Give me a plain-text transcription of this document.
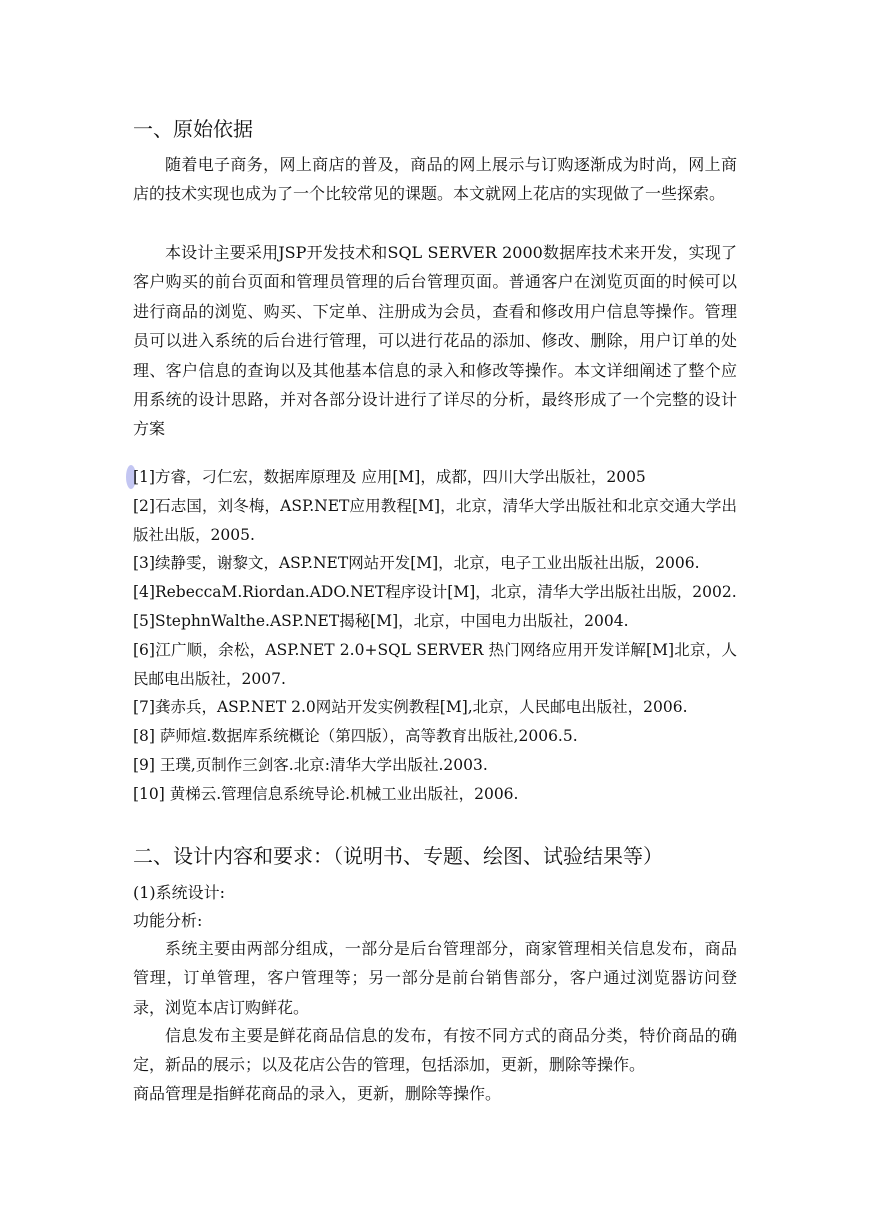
一、原始依据

随着电子商务，网上商店的普及，商品的网上展示与订购逐渐成为时尚，网上商店的技术实现也成为了一个比较常见的课题。本文就网上花店的实现做了一些探索。

本设计主要采用JSP开发技术和SQL SERVER 2000数据库技术来开发，实现了客户购买的前台页面和管理员管理的后台管理页面。普通客户在浏览页面的时候可以进行商品的浏览、购买、下定单、注册成为会员，查看和修改用户信息等操作。管理员可以进入系统的后台进行管理，可以进行花品的添加、修改、删除，用户订单的处理、客户信息的查询以及其他基本信息的录入和修改等操作。本文详细阐述了整个应用系统的设计思路，并对各部分设计进行了详尽的分析，最终形成了一个完整的设计方案

[1]方睿，刁仁宏，数据库原理及 应用[M]，成都，四川大学出版社，2005
[2]石志国，刘冬梅，ASP.NET应用教程[M]，北京，清华大学出版社和北京交通大学出版社出版，2005.
[3]续静雯，谢黎文，ASP.NET网站开发[M]，北京，电子工业出版社出版，2006.
[4]RebeccaM.Riordan.ADO.NET程序设计[M]，北京，清华大学出版社出版，2002.
[5]StephnWalthe.ASP.NET揭秘[M]，北京，中国电力出版社，2004.
[6]江广顺，余松，ASP.NET 2.0+SQL SERVER 热门网络应用开发详解[M]北京，人民邮电出版社，2007.
[7]龚赤兵，ASP.NET 2.0网站开发实例教程[M],北京，人民邮电出版社，2006.
[8] 萨师煊.数据库系统概论（第四版），高等教育出版社,2006.5.
[9] 王璞,页制作三剑客.北京:清华大学出版社.2003.
[10] 黄梯云.管理信息系统导论.机械工业出版社，2006.
二、设计内容和要求：（说明书、专题、绘图、试验结果等）

(1)系统设计:

功能分析:

系统主要由两部分组成，一部分是后台管理部分，商家管理相关信息发布，商品管理，订单管理，客户管理等；另一部分是前台销售部分，客户通过浏览器访问登录，浏览本店订购鲜花。

信息发布主要是鲜花商品信息的发布，有按不同方式的商品分类，特价商品的确定，新品的展示；以及花店公告的管理，包括添加，更新，删除等操作。

商品管理是指鲜花商品的录入，更新，删除等操作。
